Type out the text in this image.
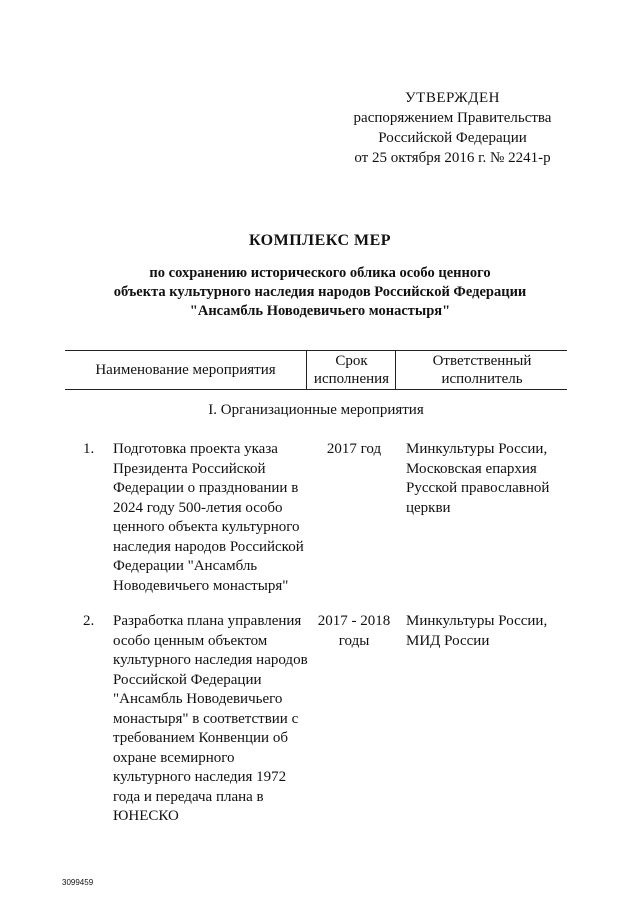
УТВЕРЖДЕН
распоряжением Правительства
Российской Федерации
от 25 октября 2016 г. № 2241-р
КОМПЛЕКС МЕР
по сохранению исторического облика особо ценного
объекта культурного наследия народов Российской Федерации
"Ансамбль Новодевичьего монастыря"
Наименование мероприятия
Срок исполнения
Ответственный исполнитель
I. Организационные мероприятия
1. Подготовка проекта указа Президента Российской Федерации о праздновании в 2024 году 500-летия особо ценного объекта культурного наследия народов Российской Федерации "Ансамбль Новодевичьего монастыря"
2017 год	Минкультуры России, Московская епархия Русской православной церкви
2. Разработка плана управления особо ценным объектом культурного наследия народов Российской Федерации "Ансамбль Новодевичьего монастыря" в соответствии с требованием Конвенции об охране всемирного культурного наследия 1972 года и передача плана в ЮНЕСКО
2017 - 2018 годы
Минкультуры России, МИД России
3099459
